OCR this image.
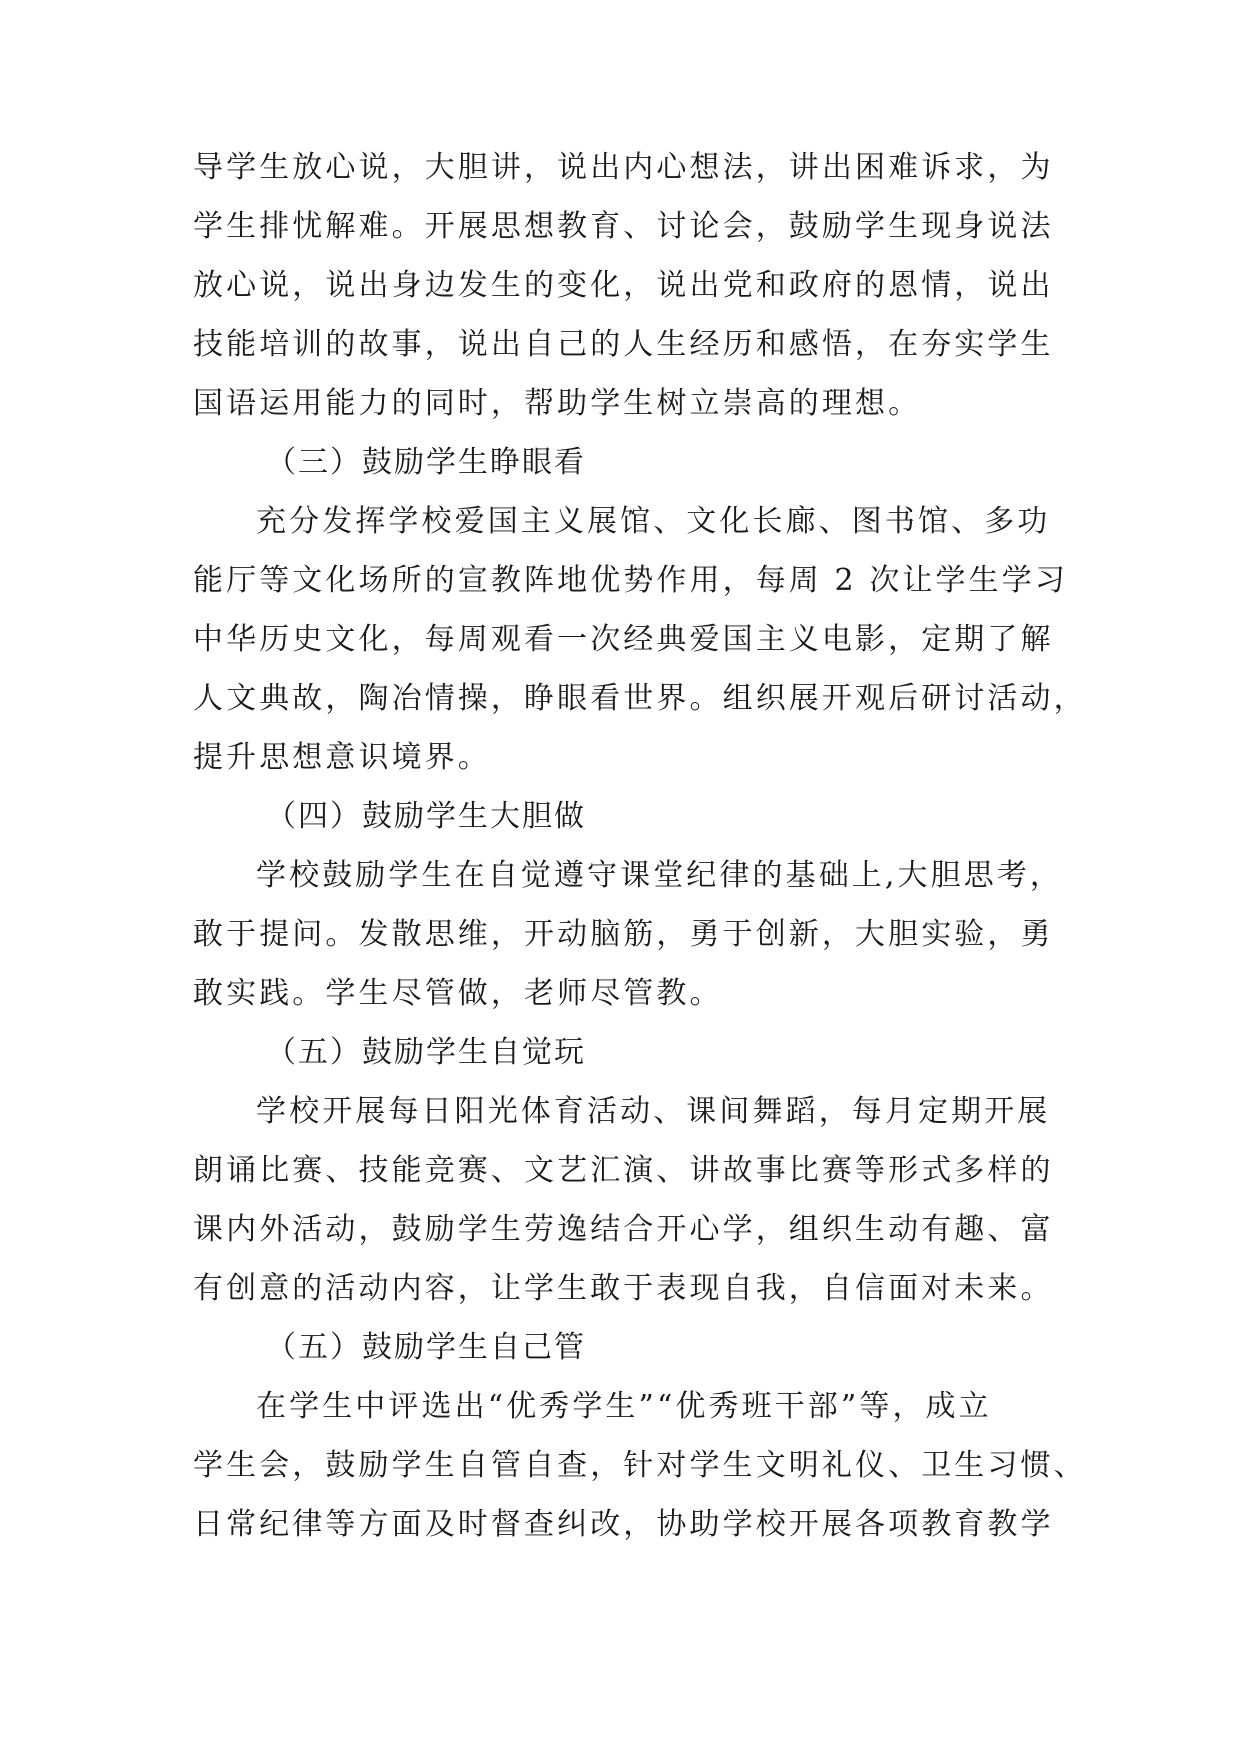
导学生放心说，大胆讲，说出内心想法，讲出困难诉求，为
学生排忧解难。开展思想教育、讨论会，鼓励学生现身说法
放心说，说出身边发生的变化，说出党和政府的恩情，说出
技能培训的故事，说出自己的人生经历和感悟，在夯实学生
国语运用能力的同时，帮助学生树立崇高的理想。
（三）鼓励学生睁眼看
充分发挥学校爱国主义展馆、文化长廊、图书馆、多功
能厅等文化场所的宣教阵地优势作用，每周 2 次让学生学习
中华历史文化，每周观看一次经典爱国主义电影，定期了解
人文典故，陶冶情操，睁眼看世界。组织展开观后研讨活动，
提升思想意识境界。
（四）鼓励学生大胆做
学校鼓励学生在自觉遵守课堂纪律的基础上,大胆思考，
敢于提问。发散思维，开动脑筋，勇于创新，大胆实验，勇
敢实践。学生尽管做，老师尽管教。
（五）鼓励学生自觉玩
学校开展每日阳光体育活动、课间舞蹈，每月定期开展
朗诵比赛、技能竞赛、文艺汇演、讲故事比赛等形式多样的
课内外活动，鼓励学生劳逸结合开心学，组织生动有趣、富
有创意的活动内容，让学生敢于表现自我，自信面对未来。
（五）鼓励学生自己管
在学生中评选出“优秀学生”“优秀班干部”等，成立
学生会，鼓励学生自管自查，针对学生文明礼仪、卫生习惯、
日常纪律等方面及时督查纠改，协助学校开展各项教育教学
